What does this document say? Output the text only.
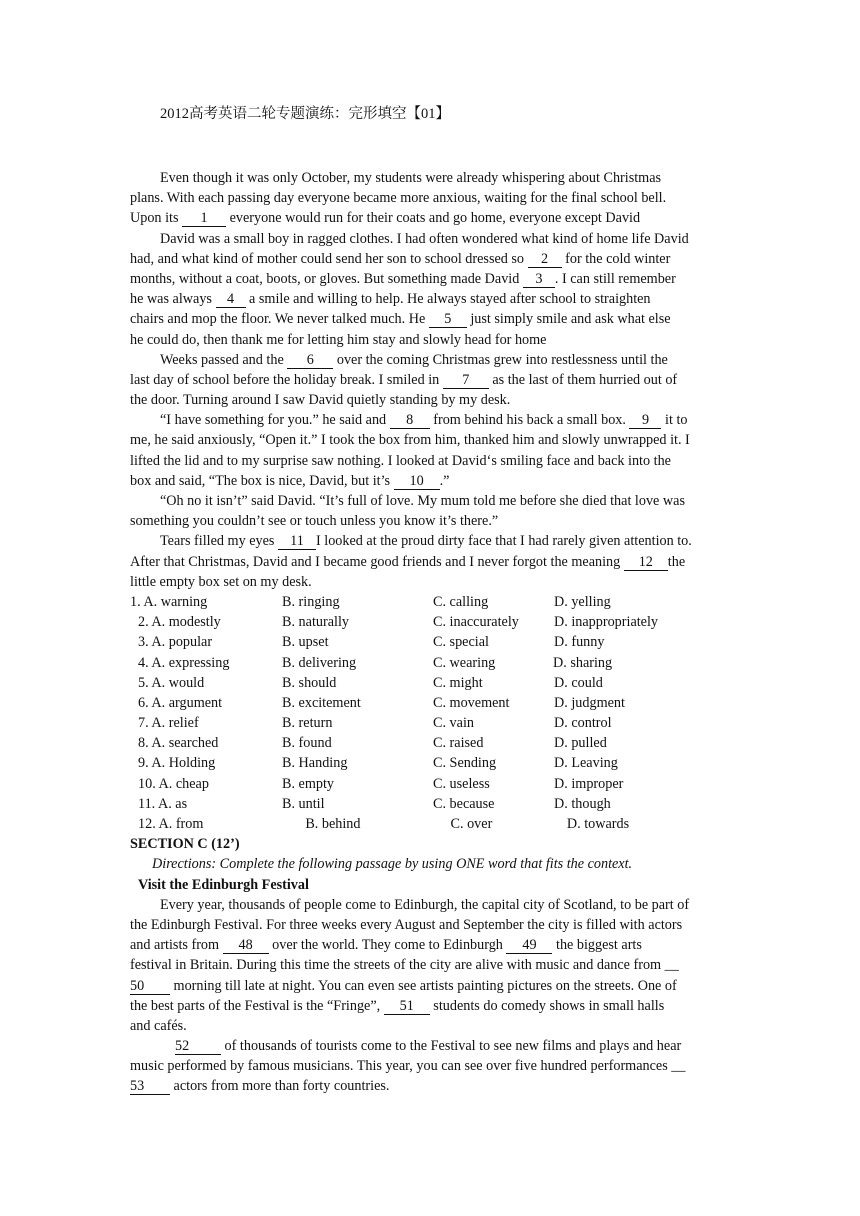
2012高考英语二轮专题演练：完形填空【01】
Even though it was only October, my students were already whispering about Christmas
plans. With each passing day everyone became more anxious, waiting for the final school bell.
Upon its 1 everyone would run for their coats and go home, everyone except David
David was a small boy in ragged clothes. I had often wondered what kind of home life David
had, and what kind of mother could send her son to school dressed so 2 for the cold winter
months, without a coat, boots, or gloves. But something made David 3 . I can still remember
he was always 4 a smile and willing to help. He always stayed after school to straighten
chairs and mop the floor. We never talked much. He 5 just simply smile and ask what else
he could do, then thank me for letting him stay and slowly head for home
Weeks passed and the 6 over the coming Christmas grew into restlessness until the
last day of school before the holiday break. I smiled in 7 as the last of them hurried out of
the door. Turning around I saw David quietly standing by my desk.
“I have something for you.” he said and 8 from behind his back a small box. 9 it to
me, he said anxiously, “Open it.” I took the box from him, thanked him and slowly unwrapped it. I
lifted the lid and to my surprise saw nothing. I looked at David‘s smiling face and back into the
box and said, “The box is nice, David, but it’s 10 .”
“Oh no it isn’t” said David. “It’s full of love. My mum told me before she died that love was
something you couldn’t see or touch unless you know it’s there.”
Tears filled my eyes 11 I looked at the proud dirty face that I had rarely given attention to.
After that Christmas, David and I became good friends and I never forgot the meaning 12 the
little empty box set on my desk.
1. A. warning	B. ringing	C. calling	D. yelling
2. A. modestly	B. naturally	C. inaccurately	D. inappropriately
3. A. popular	B. upset	C. special	D. funny
4. A. expressing	B. delivering	C. wearing	D. sharing
5. A. would	B. should	C. might	D. could
6. A. argument	B. excitement	C. movement	D. judgment
7. A. relief	B. return	C. vain	D. control
8. A. searched	B. found	C. raised	D. pulled
9. A. Holding	B. Handing	C. Sending	D. Leaving
10. A. cheap	B. empty	C. useless	D. improper
11. A. as	B. until	C. because	D. though
12. A. from	B. behind	C. over	D. towards
SECTION C (12’)
Directions: Complete the following passage by using ONE word that fits the context.
Visit the Edinburgh Festival
Every year, thousands of people come to Edinburgh, the capital city of Scotland, to be part of
the Edinburgh Festival. For three weeks every August and September the city is filled with actors
and artists from 48 over the world. They come to Edinburgh 49 the biggest arts
festival in Britain. During this time the streets of the city are alive with music and dance from __
50 morning till late at night. You can even see artists painting pictures on the streets. One of
the best parts of the Festival is the “Fringe”, 51 students do comedy shows in small halls
and cafés.
52 of thousands of tourists come to the Festival to see new films and plays and hear
music performed by famous musicians. This year, you can see over five hundred performances __
53 actors from more than forty countries.
